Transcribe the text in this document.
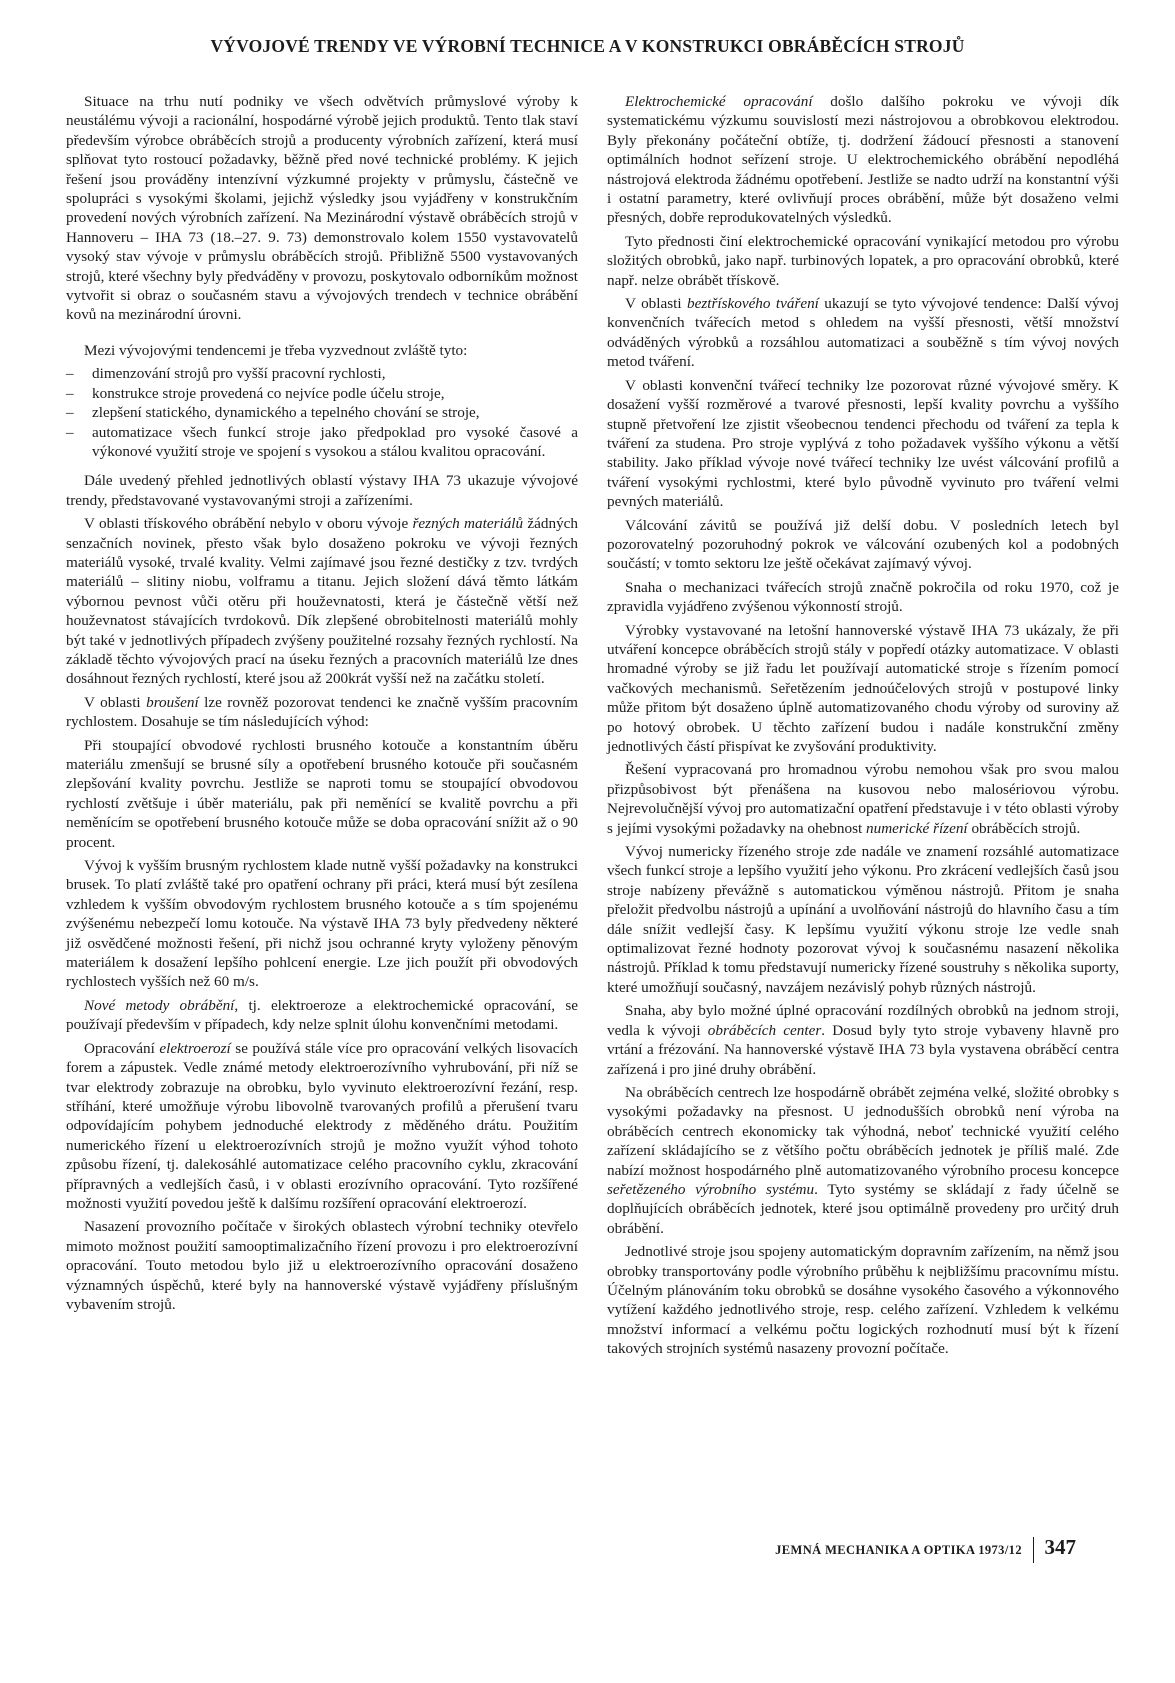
VÝVOJOVÉ TRENDY VE VÝROBNÍ TECHNICE A V KONSTRUKCI OBRÁBĚCÍCH STROJŮ

Situace na trhu nutí podniky ve všech odvětvích průmyslové výroby k neustálému vývoji a racionální, hospodárné výrobě jejich produktů. Tento tlak staví především výrobce obráběcích strojů a producenty výrobních zařízení, která musí splňovat tyto rostoucí požadavky, běžně před nové technické problémy. K jejich řešení jsou prováděny intenzívní výzkumné projekty v průmyslu, částečně ve spolupráci s vysokými školami, jejichž výsledky jsou vyjádřeny v konstrukčním provedení nových výrobních zařízení. Na Mezinárodní výstavě obráběcích strojů v Hannoveru – IHA 73 (18.–27. 9. 73) demonstrovalo kolem 1550 vystavovatelů vysoký stav vývoje v průmyslu obráběcích strojů. Přibližně 5500 vystavovaných strojů, které všechny byly předváděny v provozu, poskytovalo odborníkům možnost vytvořit si obraz o současném stavu a vývojových trendech v technice obrábění kovů na mezinárodní úrovni.

Mezi vývojovými tendencemi je třeba vyzvednout zvláště tyto:

– dimenzování strojů pro vyšší pracovní rychlosti,
– konstrukce stroje provedená co nejvíce podle účelu stroje,
– zlepšení statického, dynamického a tepelného chování se stroje,
– automatizace všech funkcí stroje jako předpoklad pro vysoké časové a výkonové využití stroje ve spojení s vysokou a stálou kvalitou opracování.

Dále uvedený přehled jednotlivých oblastí výstavy IHA 73 ukazuje vývojové trendy, představované vystavovanými stroji a zařízeními.

V oblasti třískového obrábění nebylo v oboru vývoje řezných materiálů žádných senzačních novinek, přesto však bylo dosaženo pokroku ve vývoji řezných materiálů vysoké, trvalé kvality. Velmi zajímavé jsou řezné destičky z tzv. tvrdých materiálů – slitiny niobu, volframu a titanu. Jejich složení dává těmto látkám výbornou pevnost vůči otěru při houževnatosti, která je částečně větší než houževnatost stávajících tvrdokovů. Dík zlepšené obrobitelnosti materiálů mohly být také v jednotlivých případech zvýšeny použitelné rozsahy řezných rychlostí. Na základě těchto vývojových prací na úseku řezných a pracovních materiálů lze dnes dosáhnout řezných rychlostí, které jsou až 200krát vyšší než na začátku století.

V oblasti broušení lze rovněž pozorovat tendenci ke značně vyšším pracovním rychlostem. Dosahuje se tím následujících výhod:

Při stoupající obvodové rychlosti brusného kotouče a konstantním úběru materiálu zmenšují se brusné síly a opotřebení brusného kotouče při současném zlepšování kvality povrchu. Jestliže se naproti tomu se stoupající obvodovou rychlostí zvětšuje i úběr materiálu, pak při neměnící se kvalitě povrchu a při neměnícím se opotřebení brusného kotouče může se doba opracování snížit až o 90 procent.

Vývoj k vyšším brusným rychlostem klade nutně vyšší požadavky na konstrukci brusek. To platí zvláště také pro opatření ochrany při práci, která musí být zesílena vzhledem k vyšším obvodovým rychlostem brusného kotouče a s tím spojenému zvýšenému nebezpečí lomu kotouče. Na výstavě IHA 73 byly předvedeny některé již osvědčené možnosti řešení, při nichž jsou ochranné kryty vyloženy pěnovým materiálem k dosažení lepšího pohlcení energie. Lze jich použít při obvodových rychlostech vyšších než 60 m/s.

Nové metody obrábění, tj. elektroeroze a elektrochemické opracování, se používají především v případech, kdy nelze splnit úlohu konvenčními metodami.

Opracování elektroerozí se používá stále více pro opracování velkých lisovacích forem a zápustek. Vedle známé metody elektroerozívního vyhrubování, při níž se tvar elektrody zobrazuje na obrobku, bylo vyvinuto elektroerozívní řezání, resp. stříhání, které umožňuje výrobu libovolně tvarovaných profilů a přerušení tvaru odpovídajícím pohybem jednoduché elektrody z měděného drátu. Použitím numerického řízení u elektroerozívních strojů je možno využít výhod tohoto způsobu řízení, tj. dalekosáhlé automatizace celého pracovního cyklu, zkracování přípravných a vedlejších časů, i v oblasti erozívního opracování. Tyto rozšířené možnosti využití povedou ještě k dalšímu rozšíření opracování elektroerozí.

Nasazení provozního počítače v širokých oblastech výrobní techniky otevřelo mimoto možnost použití samooptimalizačního řízení provozu i pro elektroerozívní opracování. Touto metodou bylo již u elektroerozívního opracování dosaženo významných úspěchů, které byly na hannoverské výstavě vyjádřeny příslušným vybavením strojů.

Elektrochemické opracování došlo dalšího pokroku ve vývoji dík systematickému výzkumu souvislostí mezi nástrojovou a obrobkovou elektrodou. Byly překonány počáteční obtíže, tj. dodržení žádoucí přesnosti a stanovení optimálních hodnot seřízení stroje. U elektrochemického obrábění nepodléhá nástrojová elektroda žádnému opotřebení. Jestliže se nadto udrží na konstantní výši i ostatní parametry, které ovlivňují proces obrábění, může být dosaženo velmi přesných, dobře reprodukovatelných výsledků.

Tyto přednosti činí elektrochemické opracování vynikající metodou pro výrobu složitých obrobků, jako např. turbinových lopatek, a pro opracování obrobků, které např. nelze obrábět třískově.

V oblasti beztřískového tváření ukazují se tyto vývojové tendence: Další vývoj konvenčních tvářecích metod s ohledem na vyšší přesnosti, větší množství odváděných výrobků a rozsáhlou automatizaci a souběžně s tím vývoj nových metod tváření.

V oblasti konvenční tvářecí techniky lze pozorovat různé vývojové směry. K dosažení vyšší rozměrové a tvarové přesnosti, lepší kvality povrchu a vyššího stupně přetvoření lze zjistit všeobecnou tendenci přechodu od tváření za tepla k tváření za studena. Pro stroje vyplývá z toho požadavek vyššího výkonu a větší stability. Jako příklad vývoje nové tvářecí techniky lze uvést válcování profilů a tváření vysokými rychlostmi, které bylo původně vyvinuto pro tváření velmi pevných materiálů.

Válcování závitů se používá již delší dobu. V posledních letech byl pozorovatelný pozoruhodný pokrok ve válcování ozubených kol a podobných součástí; v tomto sektoru lze ještě očekávat zajímavý vývoj.

Snaha o mechanizaci tvářecích strojů značně pokročila od roku 1970, což je zpravidla vyjádřeno zvýšenou výkonností strojů.

Výrobky vystavované na letošní hannoverské výstavě IHA 73 ukázaly, že při utváření koncepce obráběcích strojů stály v popředí otázky automatizace. V oblasti hromadné výroby se již řadu let používají automatické stroje s řízením pomocí vačkových mechanismů. Seřetězením jednoúčelových strojů v postupové linky může přitom být dosaženo úplně automatizovaného chodu výroby od suroviny až po hotový obrobek. U těchto zařízení budou i nadále konstrukční změny jednotlivých částí přispívat ke zvyšování produktivity.

Řešení vypracovaná pro hromadnou výrobu nemohou však pro svou malou přizpůsobivost být přenášena na kusovou nebo malosériovou výrobu. Nejrevolučnější vývoj pro automatizační opatření představuje i v této oblasti výroby s jejími vysokými požadavky na ohebnost numerické řízení obráběcích strojů.

Vývoj numericky řízeného stroje zde nadále ve znamení rozsáhlé automatizace všech funkcí stroje a lepšího využití jeho výkonu. Pro zkrácení vedlejších časů jsou stroje nabízeny převážně s automatickou výměnou nástrojů. Přitom je snaha přeložit předvolbu nástrojů a upínání a uvolňování nástrojů do hlavního času a tím dále snížit vedlejší časy. K lepšímu využití výkonu stroje lze vedle snah optimalizovat řezné hodnoty pozorovat vývoj k současnému nasazení několika nástrojů. Příklad k tomu představují numericky řízené soustruhy s několika suporty, které umožňují současný, navzájem nezávislý pohyb různých nástrojů.

Snaha, aby bylo možné úplné opracování rozdílných obrobků na jednom stroji, vedla k vývoji obráběcích center. Dosud byly tyto stroje vybaveny hlavně pro vrtání a frézování. Na hannoverské výstavě IHA 73 byla vystavena obráběcí centra zařízená i pro jiné druhy obrábění.

Na obráběcích centrech lze hospodárně obrábět zejména velké, složité obrobky s vysokými požadavky na přesnost. U jednodušších obrobků není výroba na obráběcích centrech ekonomicky tak výhodná, neboť technické využití celého zařízení skládajícího se z většího počtu obráběcích jednotek je příliš malé. Zde nabízí možnost hospodárného plně automatizovaného výrobního procesu koncepce seřetězeného výrobního systému. Tyto systémy se skládají z řady účelně se doplňujících obráběcích jednotek, které jsou optimálně provedeny pro určitý druh obrábění.

Jednotlivé stroje jsou spojeny automatickým dopravním zařízením, na němž jsou obrobky transportovány podle výrobního průběhu k nejbližšímu pracovnímu místu. Účelným plánováním toku obrobků se dosáhne vysokého časového a výkonnového vytížení každého jednotlivého stroje, resp. celého zařízení. Vzhledem k velkému množství informací a velkému počtu logických rozhodnutí musí být k řízení takových strojních systémů nasazeny provozní počítače.

JEMNÁ MECHANIKA A OPTIKA 1973/12 347
